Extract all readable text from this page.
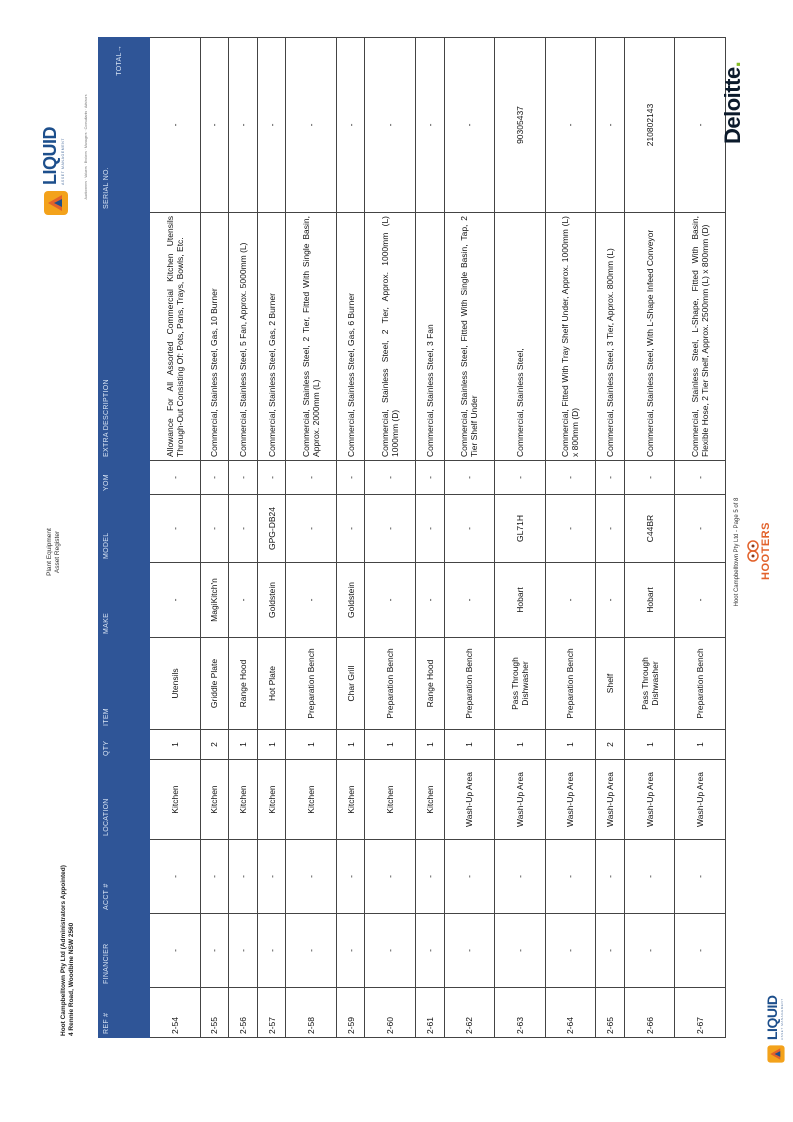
Plant Equipment Asset Register
Hoot Campbelltown Pty Ltd (Administrators Appointed) 4 Rennie Road, Woodbine NSW 2560
LIQUID ASSET MANAGEMENT	Auctioneers · Valuers · Brokers · Managers · Consultants · Advisors
REF #	FINANCIER	ACCT #	LOCATION	QTY	ITEM	MAKE	MODEL	YOM	EXTRA DESCRIPTION	SERIAL NO.
TOTAL→

2-54	-	-	Kitchen	1	Utensils	-	-	-	Allowance For All Assorted Commercial Kitchen Utensils Through-Out Consisting Of: Pots, Pans, Trays, Bowls, Etc.	-
2-55	-	-	Kitchen	2	Griddle Plate	MagiKitch'n	-	-	Commercial, Stainless Steel, Gas, 10 Burner	-
2-56	-	-	Kitchen	1	Range Hood	-	-	-	Commercial, Stainless Steel, 5 Fan, Approx. 5000mm (L)	-
2-57	-	-	Kitchen	1	Hot Plate	Goldstein	GPG-DB24	-	Commercial, Stainless Steel, Gas, 2 Burner	-
2-58	-	-	Kitchen	1	Preparation Bench	-	-	-	Commercial, Stainless Steel, 2 Tier, Fitted With Single Basin, Approx. 2000mm (L)	-
2-59	-	-	Kitchen	1	Char Grill	Goldstein	-	-	Commercial, Stainless Steel, Gas, 6 Burner	-
2-60	-	-	Kitchen	1	Preparation Bench	-	-	-	Commercial, Stainless Steel, 2 Tier, Approx. 1000mm (L) 1000mm (D)	-
2-61	-	-	Kitchen	1	Range Hood	-	-	-	Commercial, Stainless Steel, 3 Fan	-
2-62	-	-	Wash-Up Area	1	Preparation Bench	-	-	-	Commercial, Stainless Steel, Fitted With Single Basin, Tap, 2 Tier Shelf Under	-
2-63	-	-	Wash-Up Area	1	Pass Through Dishwasher	Hobart	GL71H	-	Commercial, Stainless Steel,	90305437
2-64	-	-	Wash-Up Area	1	Preparation Bench	-	-	-	Commercial, Fitted With Tray Shelf Under, Approx. 1000mm (L) x 800mm (D)	-
2-65	-	-	Wash-Up Area	2	Shelf	-	-	-	Commercial, Stainless Steel, 3 Tier, Approx. 800mm (L)	-
2-66	-	-	Wash-Up Area	1	Pass Through Dishwasher	Hobart	C44BR	-	Commercial, Stainless Steel, With L-Shape Infeed Conveyor	210802143
2-67	-	-	Wash-Up Area	1	Preparation Bench	-	-	-	Commercial, Stainless Steel, L-Shape, Fitted With Basin, Flexible Hose, 2 Tier Shelf, Approx. 2500mm (L) x 800mm (D)	-
LIQUID ASSET MANAGEMENT
Hoot Campbelltown Pty Ltd - Page 5 of 8	HOOTERS
Deloitte.
